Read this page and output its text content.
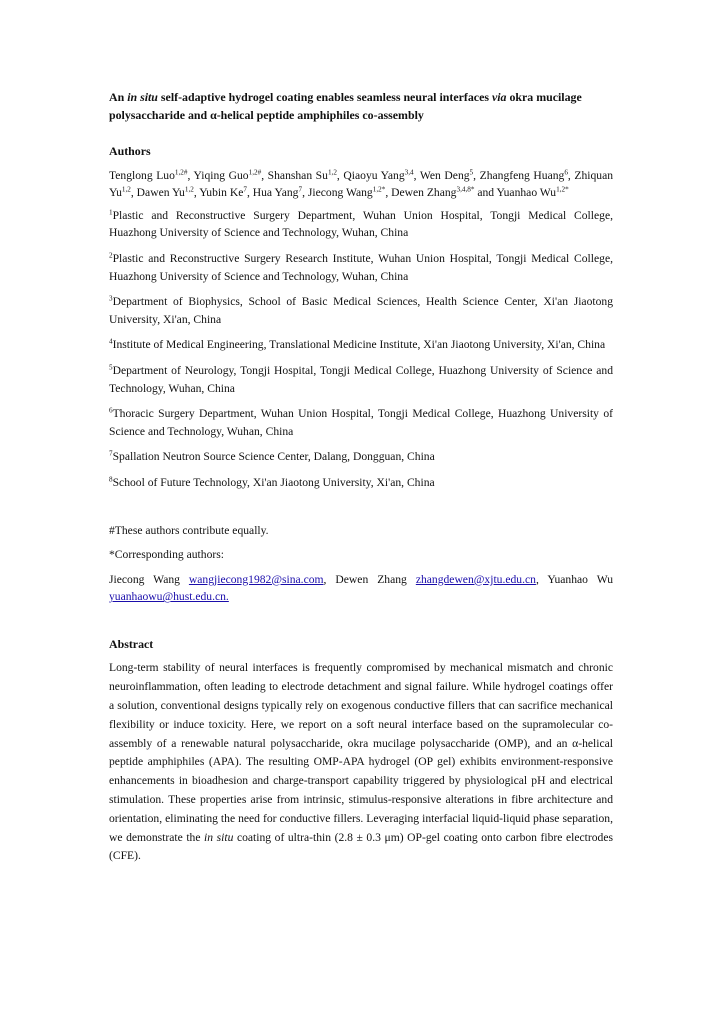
An in situ self-adaptive hydrogel coating enables seamless neural interfaces via okra mucilage polysaccharide and α-helical peptide amphiphiles co-assembly

Authors

Tenglong Luo$^{1,2\#}$, Yiqing Guo$^{1,2\#}$, Shanshan Su$^{1,2}$, Qiaoyu Yang$^{3,4}$, Wen Deng$^5$, Zhangfeng Huang$^6$, Zhiquan Yu$^{1,2}$, Dawen Yu$^{1,2}$, Yubin Ke$^7$, Hua Yang$^7$, Jiecong Wang$^{1,2*}$, Dewen Zhang$^{3,4,8*}$ and Yuanhao $Wu^{1,2*}$

$^1$Plastic and Reconstructive Surgery Department, Wuhan Union Hospital, Tongji Medical College, Huazhong University of Science and Technology, Wuhan, China

$^2$Plastic and Reconstructive Surgery Research Institute, Wuhan Union Hospital, Tongji Medical College, Huazhong University of Science and Technology, Wuhan, China

$^3$Department of Biophysics, School of Basic Medical Sciences, Health Science Center, Xi'an Jiaotong University, Xi'an, China

$^4$Institute of Medical Engineering, Translational Medicine Institute, Xi'an Jiaotong University, Xi'an, China

$^5$Department of Neurology, Tongji Hospital, Tongji Medical College, Huazhong University of Science and Technology, Wuhan, China

$^6$Thoracic Surgery Department, Wuhan Union Hospital, Tongji Medical College, Huazhong University of Science and Technology, Wuhan, China

$^7$Spallation Neutron Source Science Center, Dalang, Dongguan, China

$^8$School of Future Technology, Xi'an Jiaotong University, Xi'an, China

#These authors contribute equally.

*Corresponding authors:

Jiecong Wang wangjiecong1982@sina.com, Dewen Zhang zhangdewen@xjtu.edu.cn, Yuanhao Wu yuanhaowu@hust.edu.cn.

Abstract

Long-term stability of neural interfaces is frequently compromised by mechanical mismatch and chronic neuroinflammation, often leading to electrode detachment and signal failure. While hydrogel coatings offer a solution, conventional designs typically rely on exogenous conductive fillers that can sacrifice mechanical flexibility or induce toxicity. Here, we report on a soft neural interface based on the supramolecular co-assembly of a renewable natural polysaccharide, okra mucilage polysaccharide (OMP), and an α-helical peptide amphiphiles (APA). The resulting OMP-APA hydrogel (OP gel) exhibits environment-responsive enhancements in bioadhesion and charge-transport capability triggered by physiological pH and electrical stimulation. These properties arise from intrinsic, stimulus-responsive alterations in fibre architecture and orientation, eliminating the need for conductive fillers. Leveraging interfacial liquid-liquid phase separation, we demonstrate the in situ coating of ultra-thin (2.8 ± 0.3 μm) OP-gel coating onto carbon fibre electrodes (CFE).
